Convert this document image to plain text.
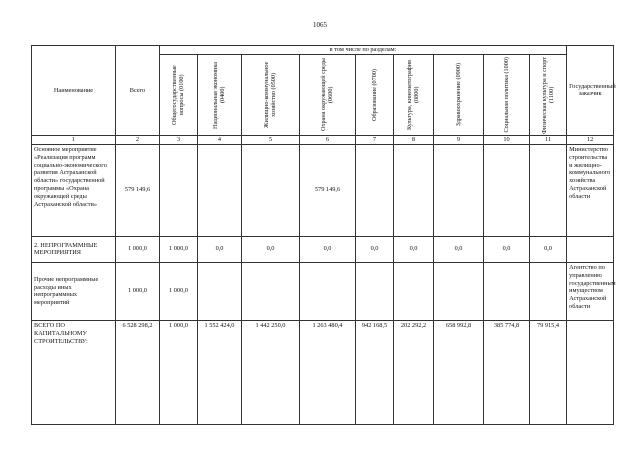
1065
Наименование	Всего	в том числе по разделам:									Государственный заказчик

		Общегосударственные вопросы (0100)	Национальная экономика (0400)	Жилищно-коммунальное хозяйство (0500)	Охрана окружающей среды (0600)	Образование (0700)	Культура, кинематография (0800)	Здравоохранение (0900)	Социальная политика (1000)	Физическая культура и спорт (1100)	

1	2	3	4	5	6	7	8	9	10	11	12
Основное мероприятие «Реализация программ социально-экономического развития Астраханской области» государственной программы «Охрана окружающей среды Астраханской области»	579 149,6				579 149,6						Министерство строительства и жилищно-коммунального хозяйства Астраханской области
2. НЕПРОГРАММНЫЕ МЕРОПРИЯТИЯ	1 000,0	1 000,0	0,0	0,0	0,0	0,0	0,0	0,0	0,0	0,0	
Прочие непрограммные расходы иных непрограммных мероприятий	1 000,0	1 000,0									Агентство по управлению государственным имуществом Астраханской области
ВСЕГО ПО КАПИТАЛЬНОМУ СТРОИТЕЛЬСТВУ:	6 528 298,2	1 000,0	1 552 424,0	1 442 250,0	1 263 480,4	942 168,5	202 292,2	658 992,8	385 774,8	79 915,4	
